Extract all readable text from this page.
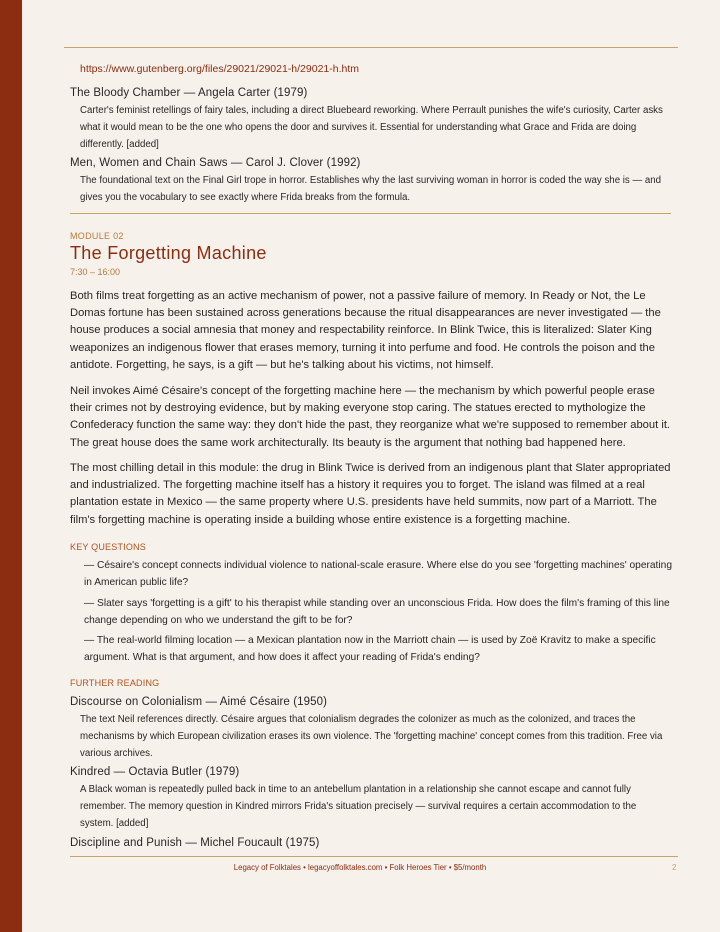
https://www.gutenberg.org/files/29021/29021-h/29021-h.htm

The Bloody Chamber — Angela Carter (1979)

Carter's feminist retellings of fairy tales, including a direct Bluebeard reworking. Where Perrault punishes the wife's curiosity, Carter asks what it would mean to be the one who opens the door and survives it. Essential for understanding what Grace and Frida are doing differently. [added]

Men, Women and Chain Saws — Carol J. Clover (1992)

The foundational text on the Final Girl trope in horror. Establishes why the last surviving woman in horror is coded the way she is — and gives you the vocabulary to see exactly where Frida breaks from the formula.

MODULE 02
The Forgetting Machine
7:30 – 16:00

Both films treat forgetting as an active mechanism of power, not a passive failure of memory. In Ready or Not, the Le Domas fortune has been sustained across generations because the ritual disappearances are never investigated — the house produces a social amnesia that money and respectability reinforce. In Blink Twice, this is literalized: Slater King weaponizes an indigenous flower that erases memory, turning it into perfume and food. He controls the poison and the antidote. Forgetting, he says, is a gift — but he's talking about his victims, not himself.

Neil invokes Aimé Césaire's concept of the forgetting machine here — the mechanism by which powerful people erase their crimes not by destroying evidence, but by making everyone stop caring. The statues erected to mythologize the Confederacy function the same way: they don't hide the past, they reorganize what we're supposed to remember about it. The great house does the same work architecturally. Its beauty is the argument that nothing bad happened here.

The most chilling detail in this module: the drug in Blink Twice is derived from an indigenous plant that Slater appropriated and industrialized. The forgetting machine itself has a history it requires you to forget. The island was filmed at a real plantation estate in Mexico — the same property where U.S. presidents have held summits, now part of a Marriott. The film's forgetting machine is operating inside a building whose entire existence is a forgetting machine.

KEY QUESTIONS

— Césaire's concept connects individual violence to national-scale erasure. Where else do you see 'forgetting machines' operating in American public life?

— Slater says 'forgetting is a gift' to his therapist while standing over an unconscious Frida. How does the film's framing of this line change depending on who we understand the gift to be for?

— The real-world filming location — a Mexican plantation now in the Marriott chain — is used by Zoë Kravitz to make a specific argument. What is that argument, and how does it affect your reading of Frida's ending?

FURTHER READING

Discourse on Colonialism — Aimé Césaire (1950)

The text Neil references directly. Césaire argues that colonialism degrades the colonizer as much as the colonized, and traces the mechanisms by which European civilization erases its own violence. The 'forgetting machine' concept comes from this tradition. Free via various archives.

Kindred — Octavia Butler (1979)

A Black woman is repeatedly pulled back in time to an antebellum plantation in a relationship she cannot escape and cannot fully remember. The memory question in Kindred mirrors Frida's situation precisely — survival requires a certain accommodation to the system. [added]

Discipline and Punish — Michel Foucault (1975)

Legacy of Folktales • legacyoffolktales.com • Folk Heroes Tier • $5/month	2
